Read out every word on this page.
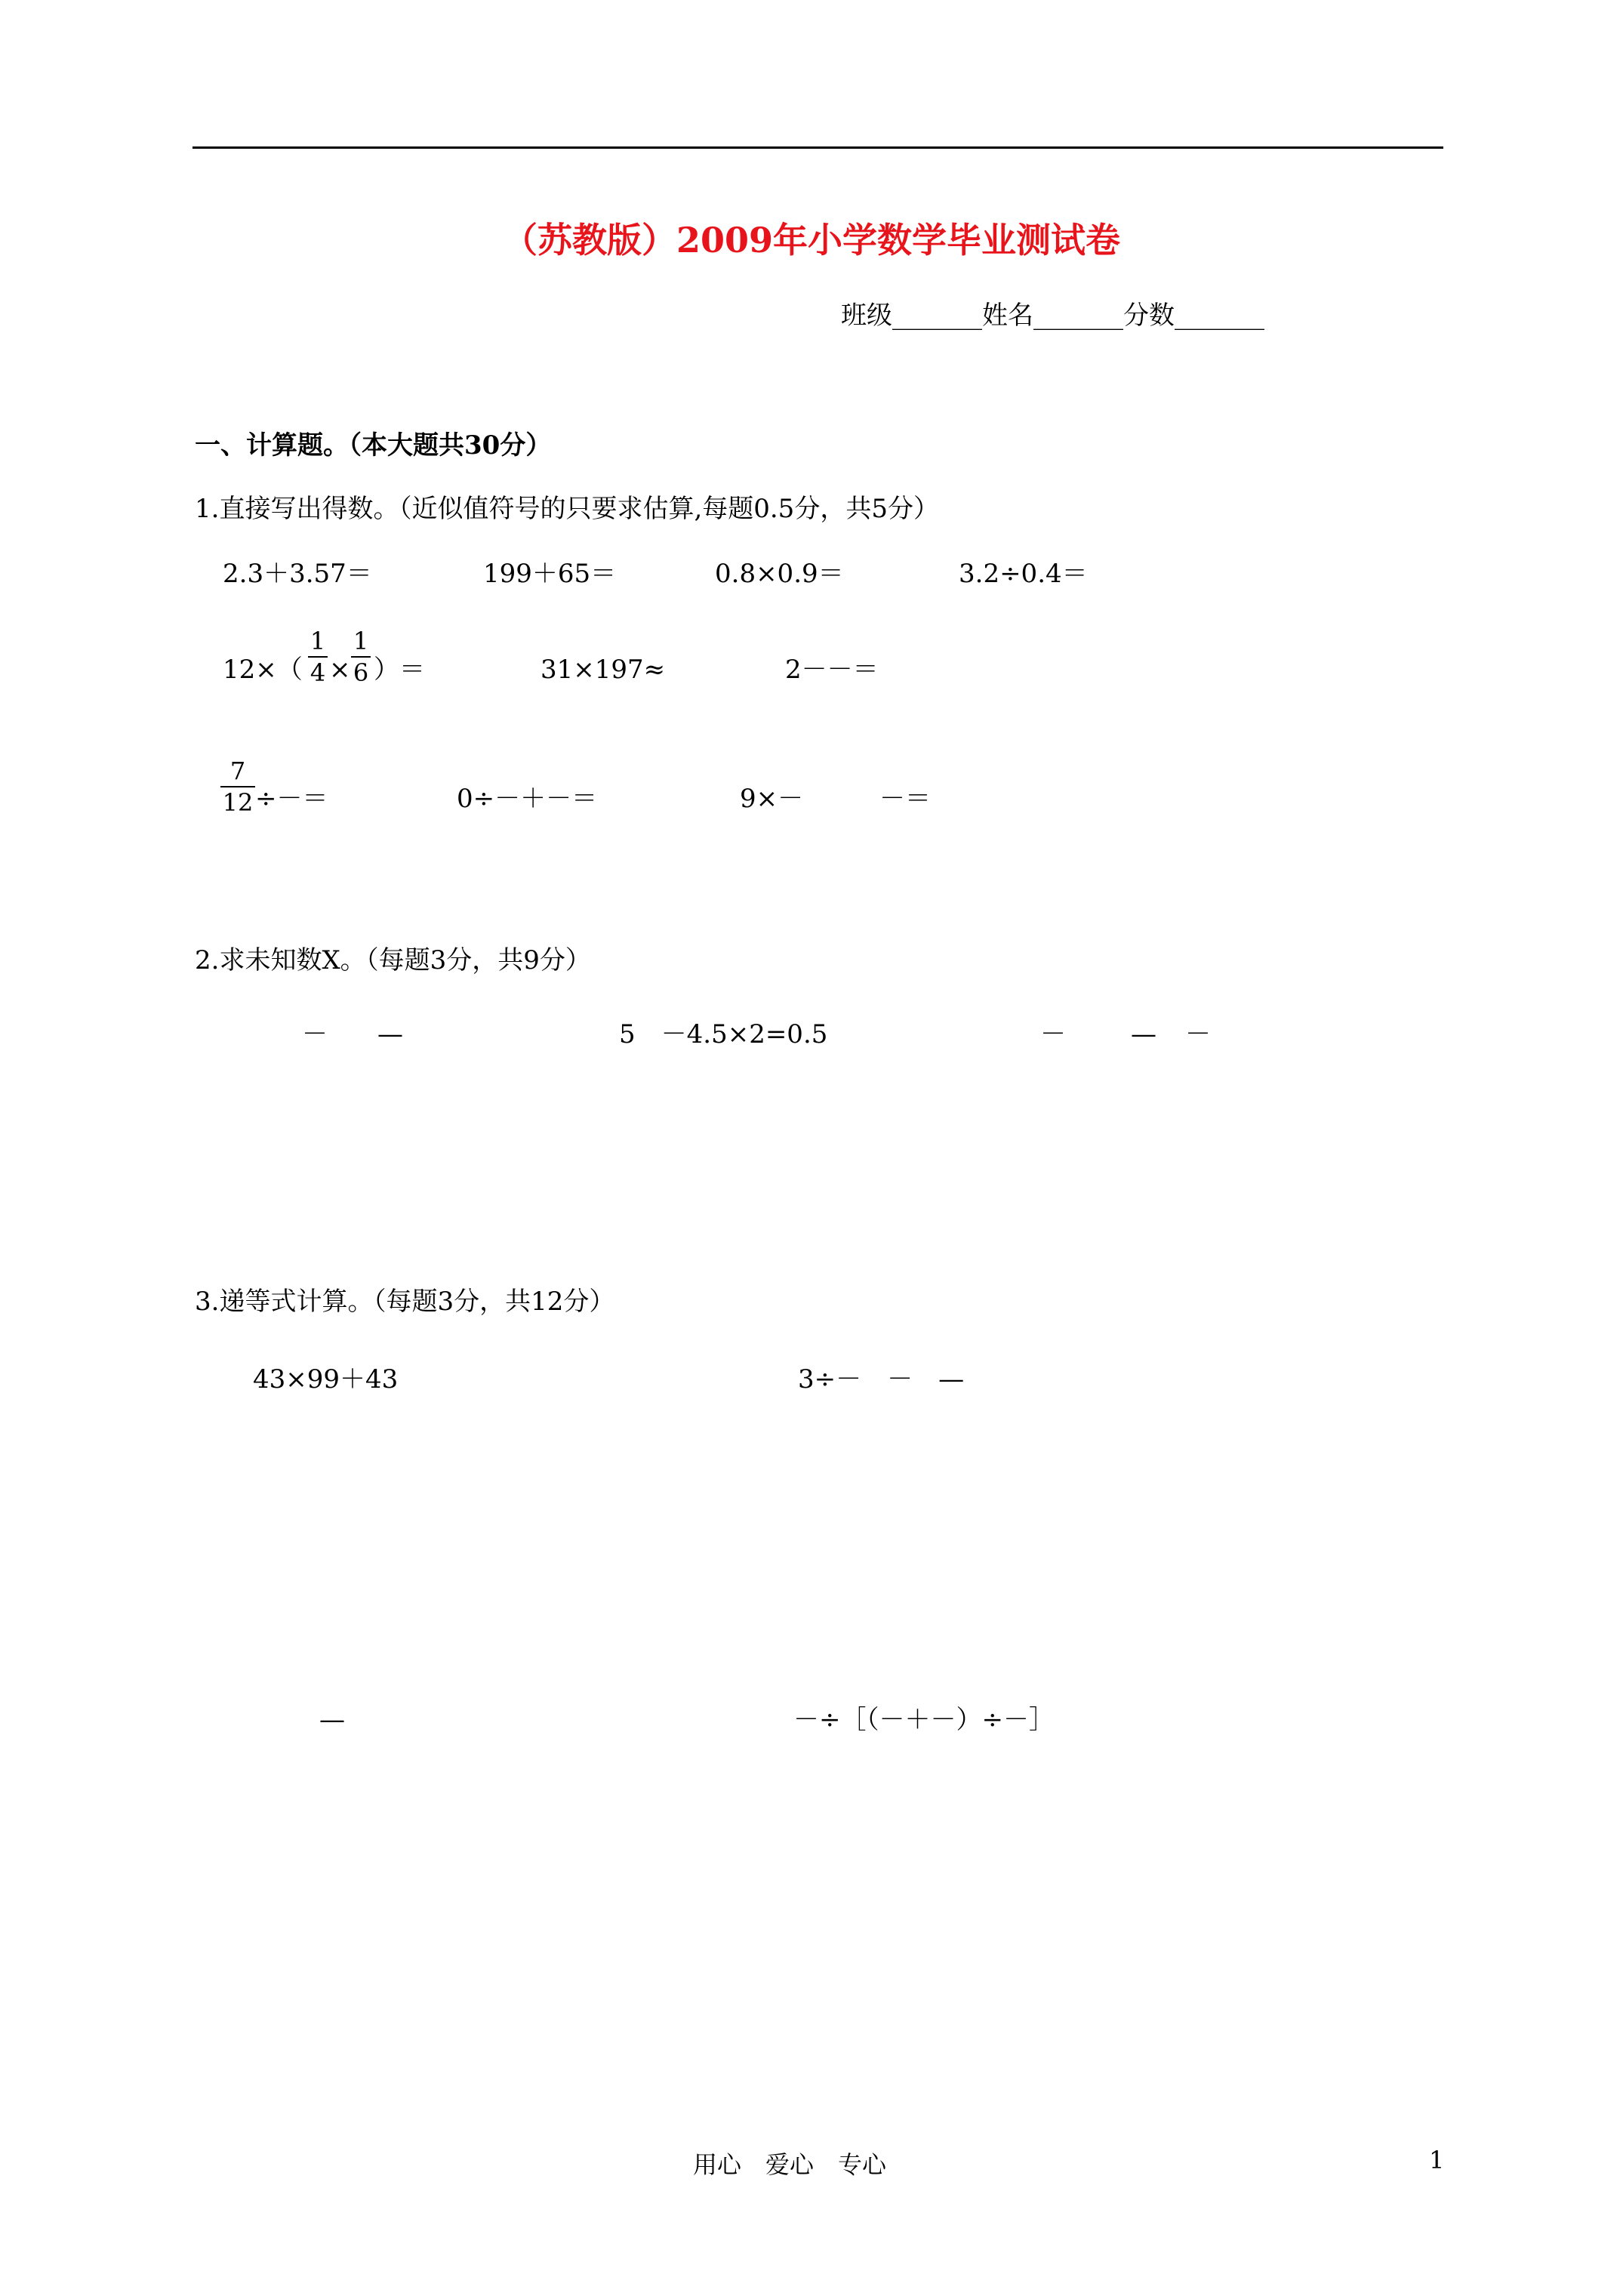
（苏教版）2009年小学数学毕业测试卷
班级_______姓名_______分数_______
一、计算题。（本大题共30分）
1.直接写出得数。（近似值符号的只要求估算,每题0.5分，共5分）
2.3＋3.57＝	199＋65＝	0.8×0.9＝	3.2÷0.4＝
12×（
1
4 ×
1
6 ）＝	31×197≈	2－－＝
7
12 ÷－＝	0÷－＋－＝	9×－	－＝
2.求未知数X。（每题3分，共9分）
－ —	5　－4.5×2=0.5	－	— －
3.递等式计算。（每题3分，共12分）
43×99＋43	3÷－　－　—
—	－÷［（－＋－）÷－］
用心　爱心　专心	1
